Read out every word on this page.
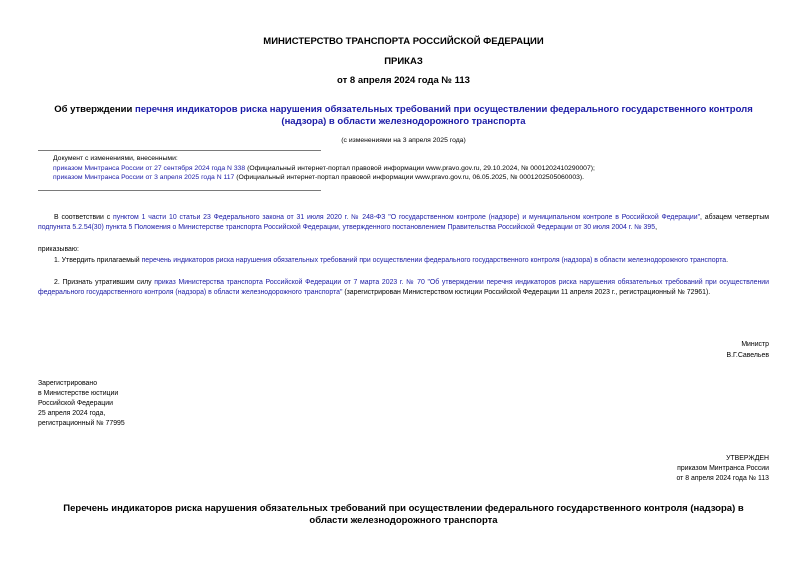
МИНИСТЕРСТВО ТРАНСПОРТА РОССИЙСКОЙ ФЕДЕРАЦИИ
ПРИКАЗ
от 8 апреля 2024 года № 113
Об утверждении перечня индикаторов риска нарушения обязательных требований при осуществлении федерального государственного контроля (надзора) в области железнодорожного транспорта
(с изменениями на 3 апреля 2025 года)
Документ с изменениями, внесенными:
приказом Минтранса России от 27 сентября 2024 года N 338 (Официальный интернет-портал правовой информации www.pravo.gov.ru, 29.10.2024, № 0001202410290007);
приказом Минтранса России от 3 апреля 2025 года N 117 (Официальный интернет-портал правовой информации www.pravo.gov.ru, 06.05.2025, № 0001202505060003).
В соответствии с пунктом 1 части 10 статьи 23 Федерального закона от 31 июля 2020 г. № 248-ФЗ "О государственном контроле (надзоре) и муниципальном контроле в Российской Федерации", абзацем четвертым подпункта 5.2.54(30) пункта 5 Положения о Министерстве транспорта Российской Федерации, утвержденного постановлением Правительства Российской Федерации от 30 июля 2004 г. № 395,
приказываю:
1. Утвердить прилагаемый перечень индикаторов риска нарушения обязательных требований при осуществлении федерального государственного контроля (надзора) в области железнодорожного транспорта.
2. Признать утратившим силу приказ Министерства транспорта Российской Федерации от 7 марта 2023 г. № 70 "Об утверждении перечня индикаторов риска нарушения обязательных требований при осуществлении федерального государственного контроля (надзора) в области железнодорожного транспорта" (зарегистрирован Министерством юстиции Российской Федерации 11 апреля 2023 г., регистрационный № 72961).
Министр
В.Г.Савельев
Зарегистрировано
в Министерстве юстиции
Российской Федерации
25 апреля 2024 года,
регистрационный № 77995
УТВЕРЖДЕН
приказом Минтранса России
от 8 апреля 2024 года № 113
Перечень индикаторов риска нарушения обязательных требований при осуществлении федерального государственного контроля (надзора) в области железнодорожного транспорта
